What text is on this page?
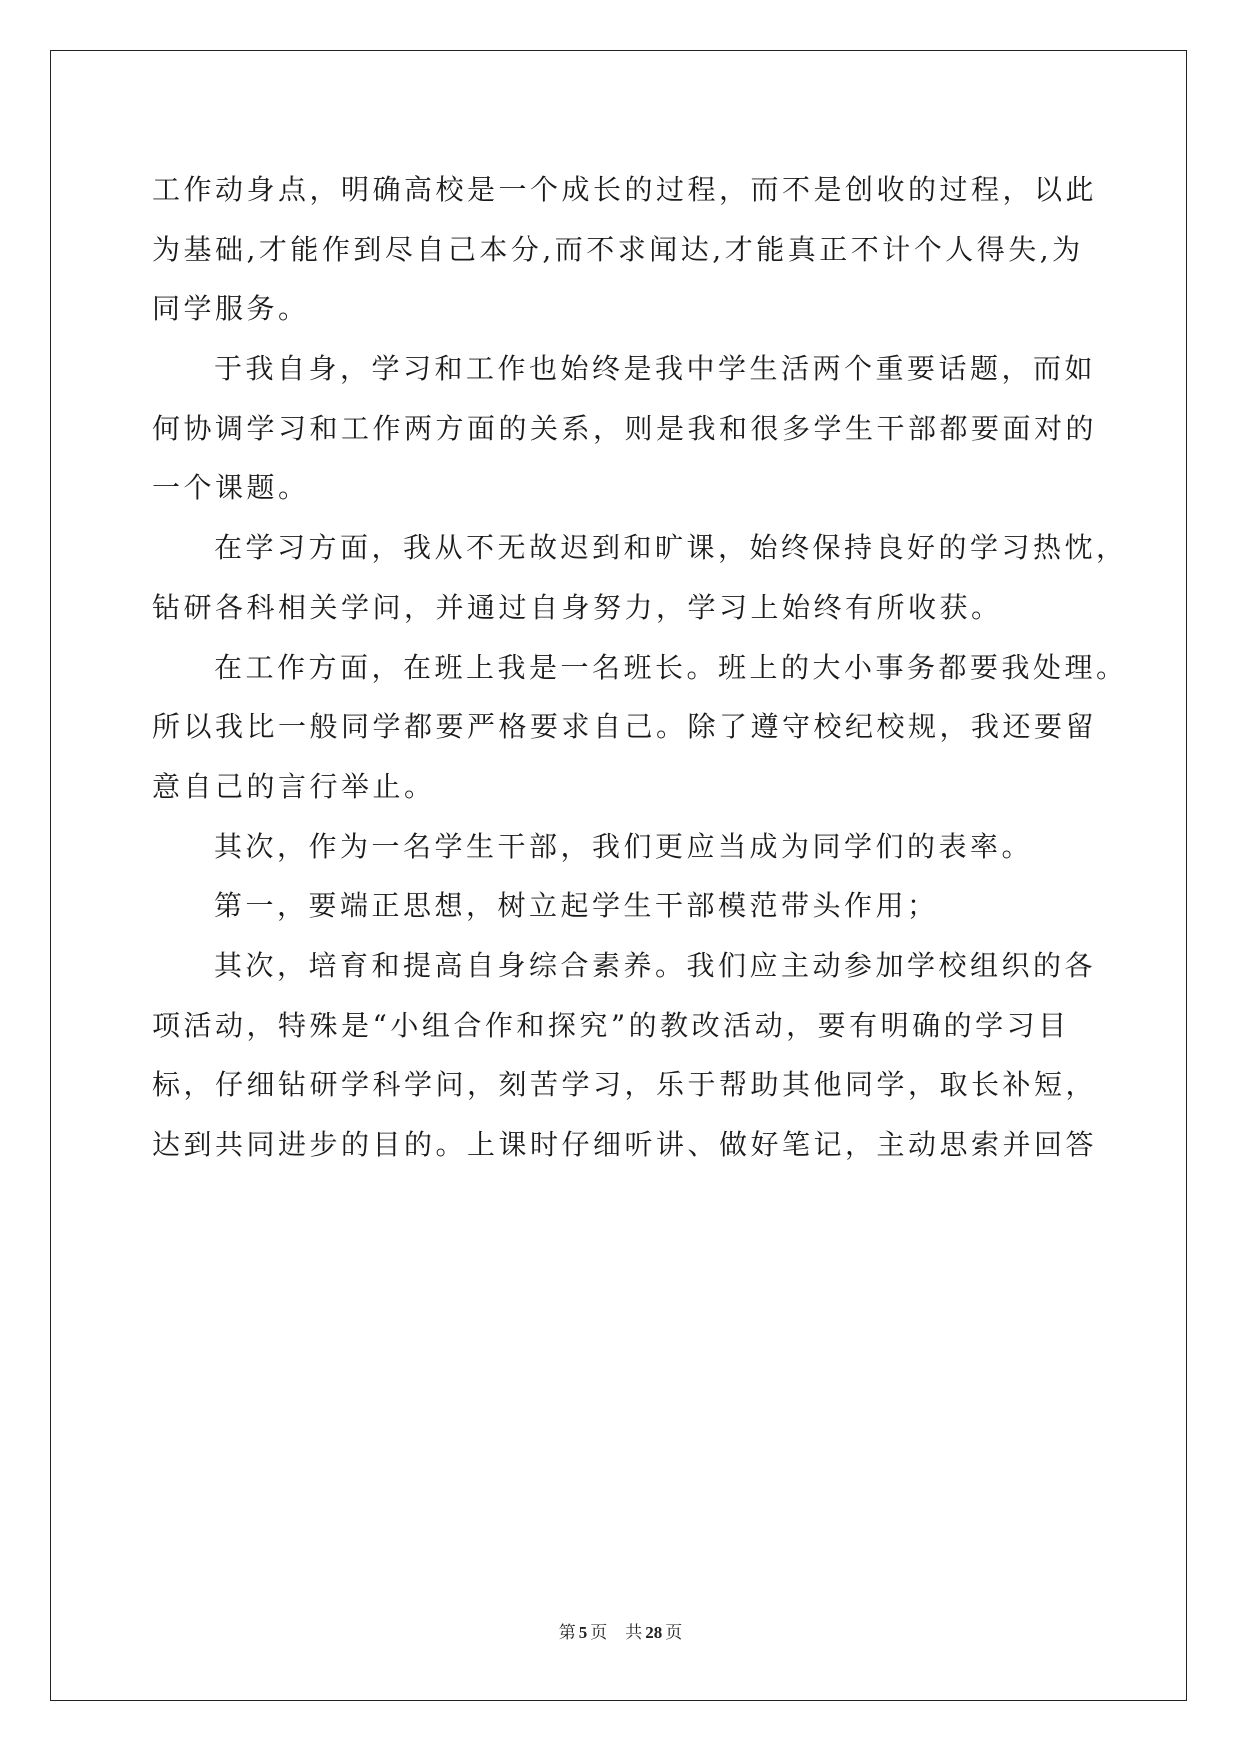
工作动身点，明确高校是一个成长的过程，而不是创收的过程，以此
为基础,才能作到尽自己本分,而不求闻达,才能真正不计个人得失,为
同学服务。
于我自身，学习和工作也始终是我中学生活两个重要话题，而如
何协调学习和工作两方面的关系，则是我和很多学生干部都要面对的
一个课题。
在学习方面，我从不无故迟到和旷课，始终保持良好的学习热忱，
钻研各科相关学问，并通过自身努力，学习上始终有所收获。
在工作方面，在班上我是一名班长。班上的大小事务都要我处理。
所以我比一般同学都要严格要求自己。除了遵守校纪校规，我还要留
意自己的言行举止。
其次，作为一名学生干部，我们更应当成为同学们的表率。
第一，要端正思想，树立起学生干部模范带头作用；
其次，培育和提高自身综合素养。我们应主动参加学校组织的各
项活动，特殊是“小组合作和探究”的教改活动，要有明确的学习目
标，仔细钻研学科学问，刻苦学习，乐于帮助其他同学，取长补短，
达到共同进步的目的。上课时仔细听讲、做好笔记，主动思索并回答
第 5 页 共 28 页
